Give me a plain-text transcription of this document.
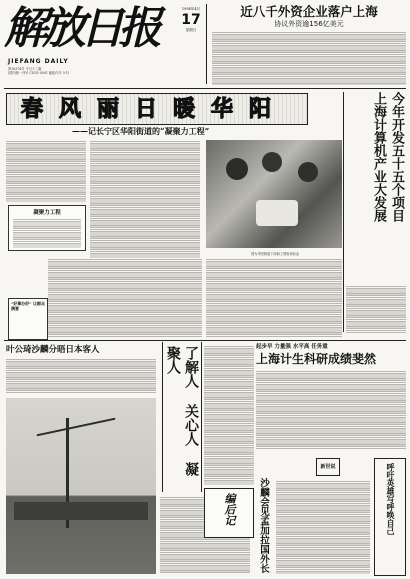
解放日报
JIEFANG DAILY
第16374号 今日十二版
(国内统一刊号 CN31-0001 邮政代号 3-1)
1994年4月
17
星期日
近八千外资企业落户上海
协议外资逾156亿美元
春风丽日暖华阳
——记长宁区华阳街道的“凝聚力工程”	上海计算机产业大发展 今年开发五十五个项目
凝聚力工程
图为华阳街道下岗职工领取补助金
“好事办好” 让群众满意
叶公琦沙麟分晤日本客人	了解人 关心人 凝聚人	起步早 力量强 水平高 任务重
上海计生科研成绩斐然
新世说
沙麟会见孟加拉国外长	呼吁英雄写呼唤自己
编后记
